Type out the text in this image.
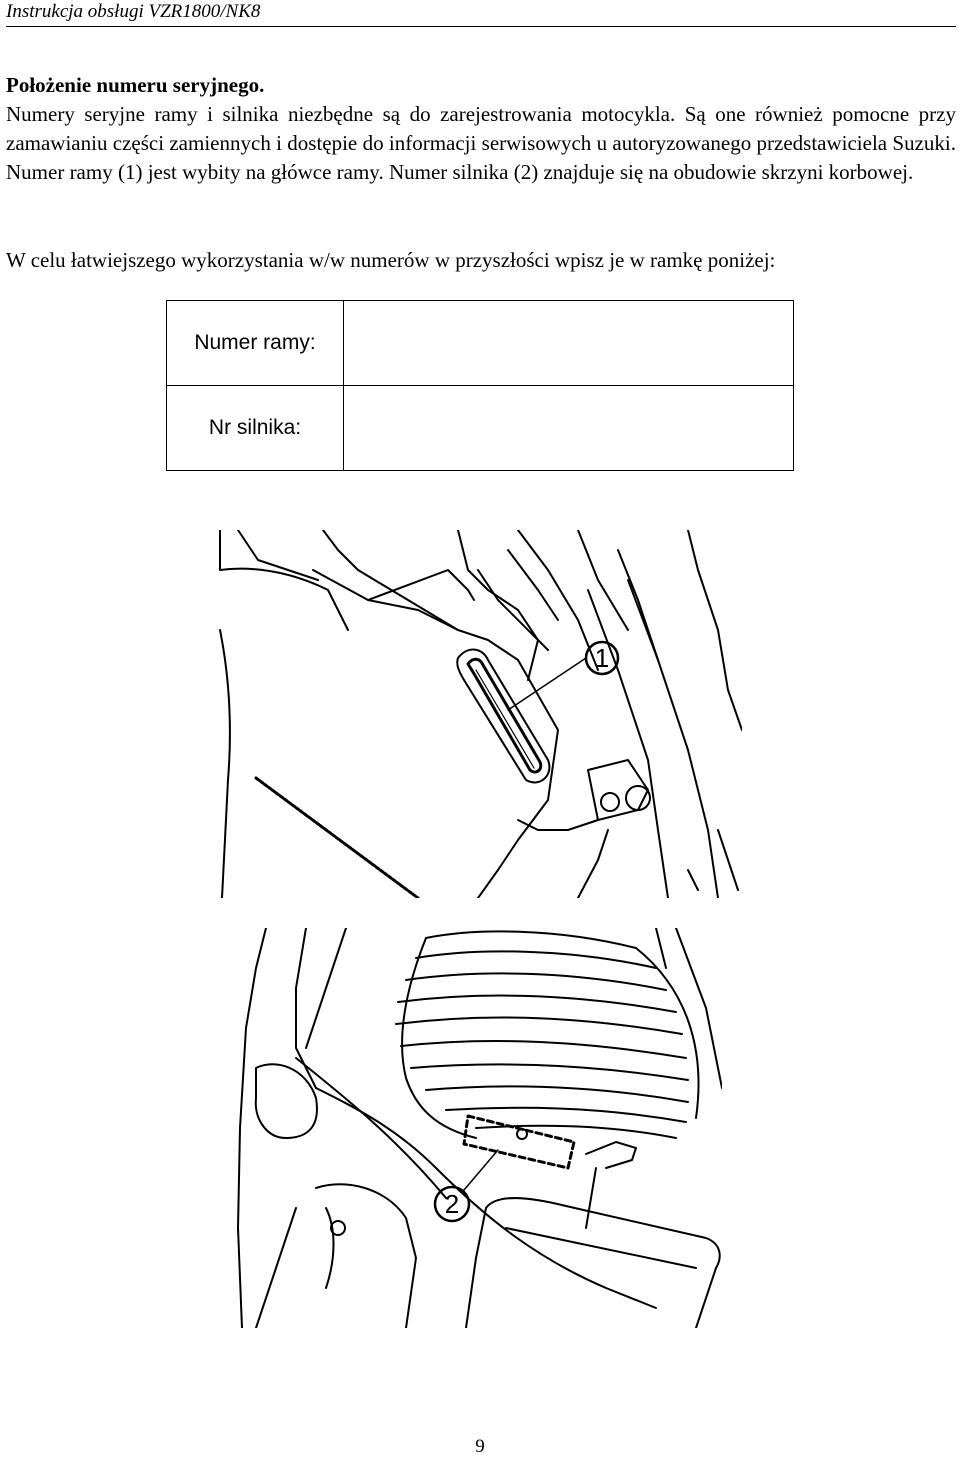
Instrukcja obsługi VZR1800/NK8
Położenie numeru seryjnego.
Numery seryjne ramy i silnika niezbędne są do zarejestrowania motocykla. Są one również pomocne przy zamawianiu części zamiennych i dostępie do informacji serwisowych u autoryzowanego przedstawiciela Suzuki. Numer ramy (1) jest wybity na główce ramy. Numer silnika (2) znajduje się na obudowie skrzyni korbowej.
W celu łatwiejszego wykorzystania w/w numerów w przyszłości wpisz je w ramkę poniżej:
Numer ramy:	
Nr silnika:	
1
2
9
